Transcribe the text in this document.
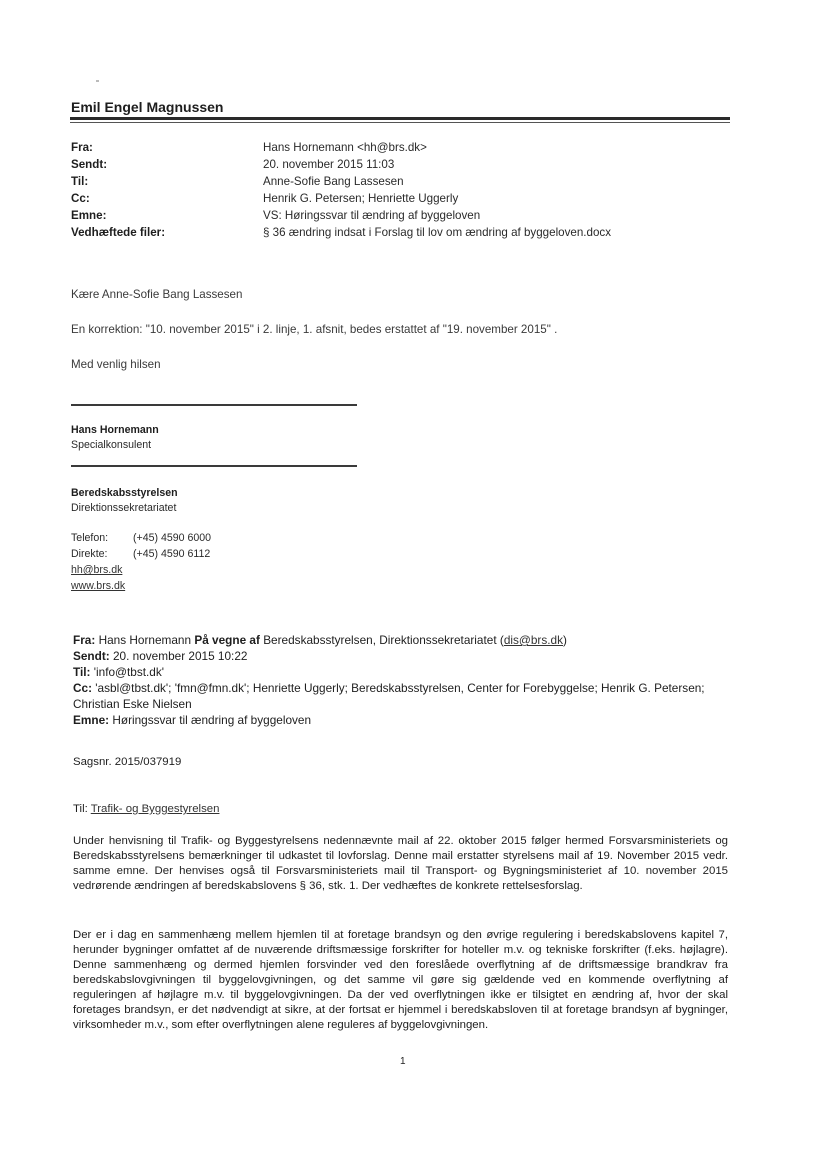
Emil Engel Magnussen
Fra:	Hans Hornemann <hh@brs.dk>
Sendt:	20. november 2015 11:03
Til:	Anne-Sofie Bang Lassesen
Cc:	Henrik G. Petersen; Henriette Uggerly
Emne:	VS: Høringssvar til ændring af byggeloven
Vedhæftede filer:	§ 36 ændring indsat i Forslag til lov om ændring af byggeloven.docx
Kære Anne-Sofie Bang Lassesen
En korrektion: "10. november 2015" i 2. linje, 1. afsnit, bedes erstattet af "19. november 2015" .
Med venlig hilsen
Hans Hornemann
Specialkonsulent
Beredskabsstyrelsen
Direktionssekretariatet
Telefon:	(+45) 4590 6000
Direkte:	(+45) 4590 6112
hh@brs.dk
www.brs.dk
Fra: Hans Hornemann På vegne af Beredskabsstyrelsen, Direktionssekretariatet (dis@brs.dk)
Sendt: 20. november 2015 10:22
Til: 'info@tbst.dk'
Cc: 'asbl@tbst.dk'; 'fmn@fmn.dk'; Henriette Uggerly; Beredskabsstyrelsen, Center for Forebyggelse; Henrik G. Petersen; Christian Eske Nielsen
Emne: Høringssvar til ændring af byggeloven
Sagsnr. 2015/037919
Til: Trafik- og Byggestyrelsen
Under henvisning til Trafik- og Byggestyrelsens nedennævnte mail af 22. oktober 2015 følger hermed Forsvarsministeriets og Beredskabsstyrelsens bemærkninger til udkastet til lovforslag. Denne mail erstatter styrelsens mail af 19. November 2015 vedr. samme emne. Der henvises også til Forsvarsministeriets mail til Transport- og Bygningsministeriet af 10. november 2015 vedrørende ændringen af beredskabslovens § 36, stk. 1. Der vedhæftes de konkrete rettelsesforslag.
Der er i dag en sammenhæng mellem hjemlen til at foretage brandsyn og den øvrige regulering i beredskabslovens kapitel 7, herunder bygninger omfattet af de nuværende driftsmæssige forskrifter for hoteller m.v. og tekniske forskrifter (f.eks. højlagre). Denne sammenhæng og dermed hjemlen forsvinder ved den foreslåede overflytning af de driftsmæssige brandkrav fra beredskabslovgivningen til byggelovgivningen, og det samme vil gøre sig gældende ved en kommende overflytning af reguleringen af højlagre m.v. til byggelovgivningen. Da der ved overflytningen ikke er tilsigtet en ændring af, hvor der skal foretages brandsyn, er det nødvendigt at sikre, at der fortsat er hjemmel i beredskabsloven til at foretage brandsyn af bygninger, virksomheder m.v., som efter overflytningen alene reguleres af byggelovgivningen.
1
